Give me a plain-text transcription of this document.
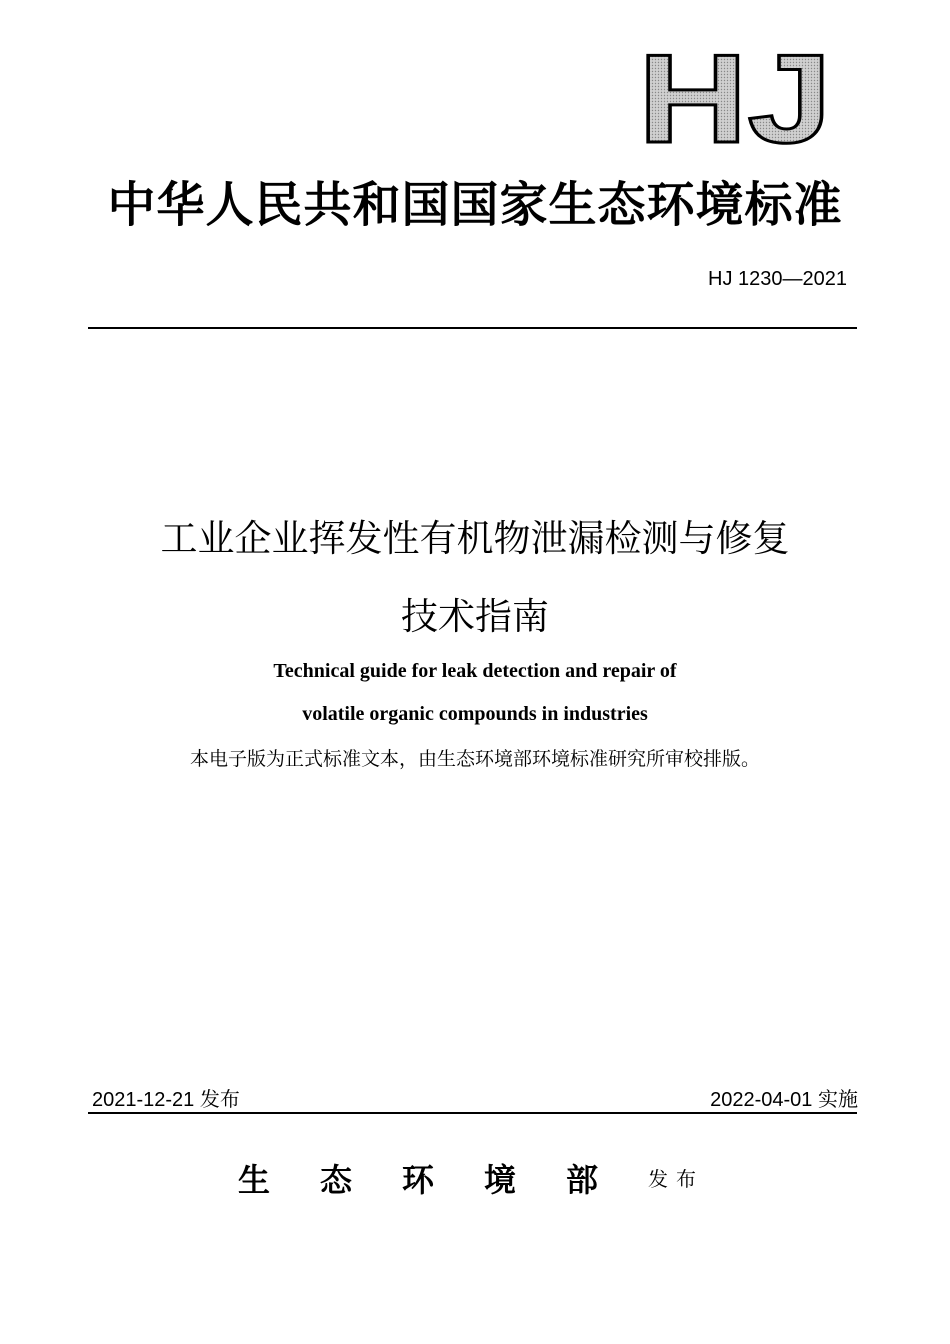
HJ
中华人民共和国国家生态环境标准
HJ 1230—2021
工业企业挥发性有机物泄漏检测与修复
技术指南
Technical guide for leak detection and repair of
volatile organic compounds in industries
本电子版为正式标准文本，由生态环境部环境标准研究所审校排版。
2021-12-21 发布	2022-04-01 实施
生态环境部 发布
